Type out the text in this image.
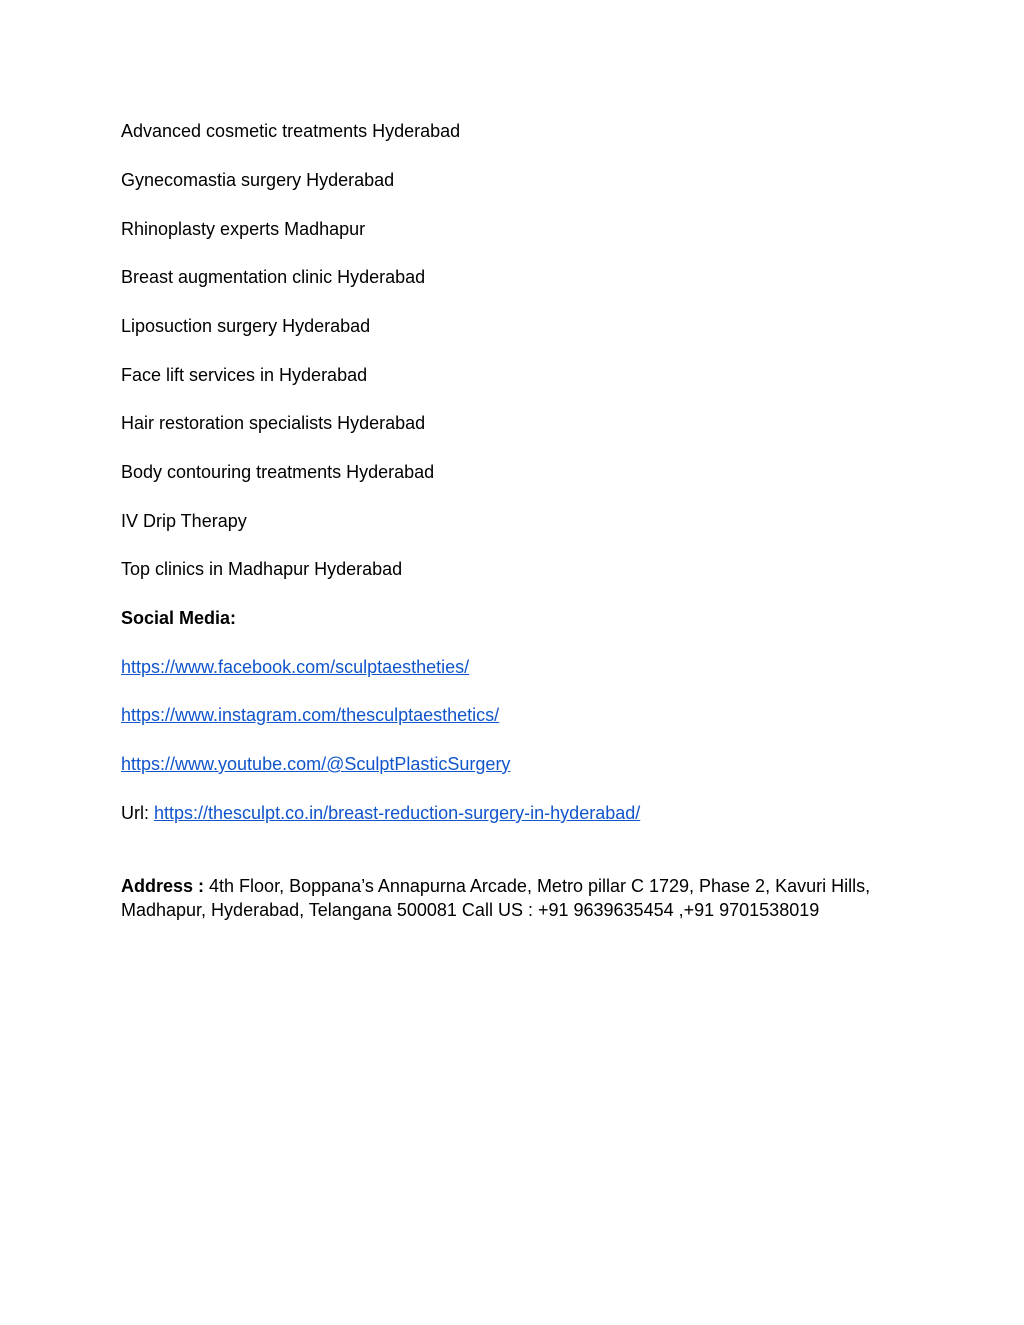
Advanced cosmetic treatments Hyderabad
Gynecomastia surgery Hyderabad
Rhinoplasty experts Madhapur
Breast augmentation clinic Hyderabad
Liposuction surgery Hyderabad
Face lift services in Hyderabad
Hair restoration specialists Hyderabad
Body contouring treatments Hyderabad
IV Drip Therapy
Top clinics in Madhapur Hyderabad
Social Media:
https://www.facebook.com/sculptaestheties/
https://www.instagram.com/thesculptaesthetics/
https://www.youtube.com/@SculptPlasticSurgery
Url: https://thesculpt.co.in/breast-reduction-surgery-in-hyderabad/
Address : 4th Floor, Boppana’s Annapurna Arcade, Metro pillar C 1729, Phase 2, Kavuri Hills, Madhapur, Hyderabad, Telangana 500081 Call US : +91 9639635454 ,+91 9701538019
